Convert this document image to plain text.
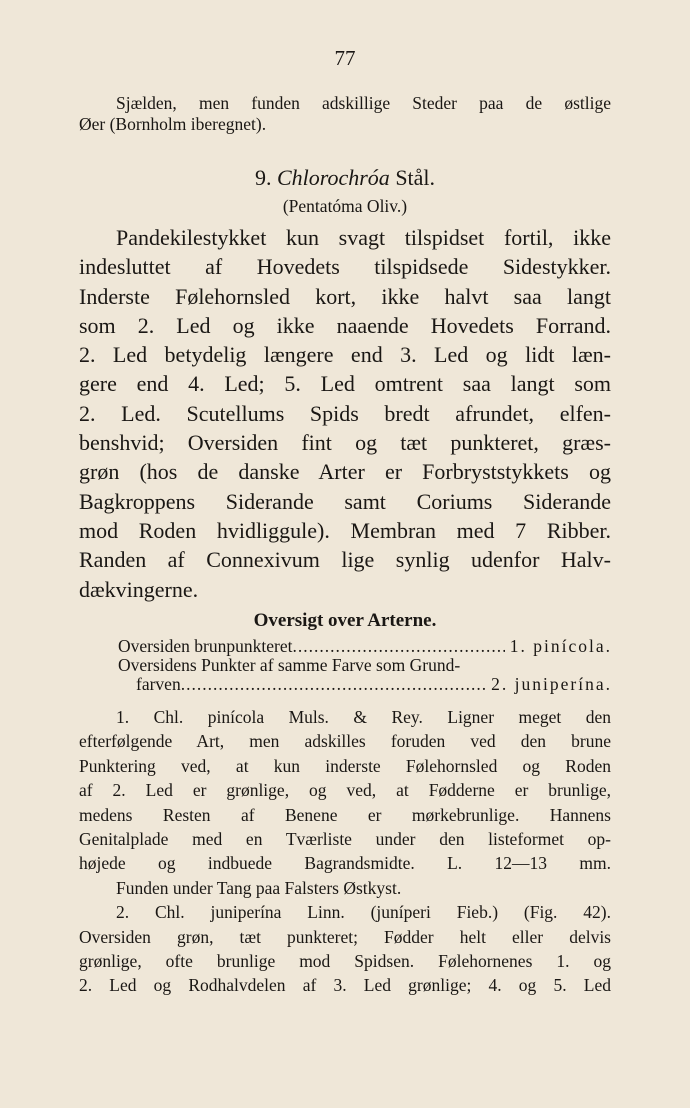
77
Sjælden, men funden adskillige Steder paa de østlige
Øer (Bornholm iberegnet).
9. Chlorochróa Stål.
(Pentatóma Oliv.)
Pandekilestykket kun svagt tilspidset fortil, ikke
indesluttet af Hovedets tilspidsede Sidestykker.
Inderste Følehornsled kort, ikke halvt saa langt
som 2. Led og ikke naaende Hovedets Forrand.
2. Led betydelig længere end 3. Led og lidt læn-
gere end 4. Led; 5. Led omtrent saa langt som
2. Led. Scutellums Spids bredt afrundet, elfen-
benshvid; Oversiden fint og tæt punkteret, græs-
grøn (hos de danske Arter er Forbryststykkets og
Bagkroppens Siderande samt Coriums Siderande
mod Roden hvidliggule). Membran med 7 Ribber.
Randen af Connexivum lige synlig udenfor Halv-
dækvingerne.
Oversigt over Arterne.
Oversiden brunpunkteret .....	1. pinícola.
Oversidens Punkter af samme Farve som Grund-
farven .....	2. juniperína.
1. Chl. pinícola Muls. & Rey. Ligner meget den
efterfølgende Art, men adskilles foruden ved den brune
Punktering ved, at kun inderste Følehornsled og Roden
af 2. Led er grønlige, og ved, at Fødderne er brunlige,
medens Resten af Benene er mørkebrunlige. Hannens
Genitalplade med en Tværliste under den listeformet op-
højede og indbuede Bagrandsmidte. L. 12—13 mm.
Funden under Tang paa Falsters Østkyst.
2. Chl. juniperína Linn. (juníperi Fieb.) (Fig. 42).
Oversiden grøn, tæt punkteret; Fødder helt eller delvis
grønlige, ofte brunlige mod Spidsen. Følehornenes 1. og
2. Led og Rodhalvdelen af 3. Led grønlige; 4. og 5. Led
